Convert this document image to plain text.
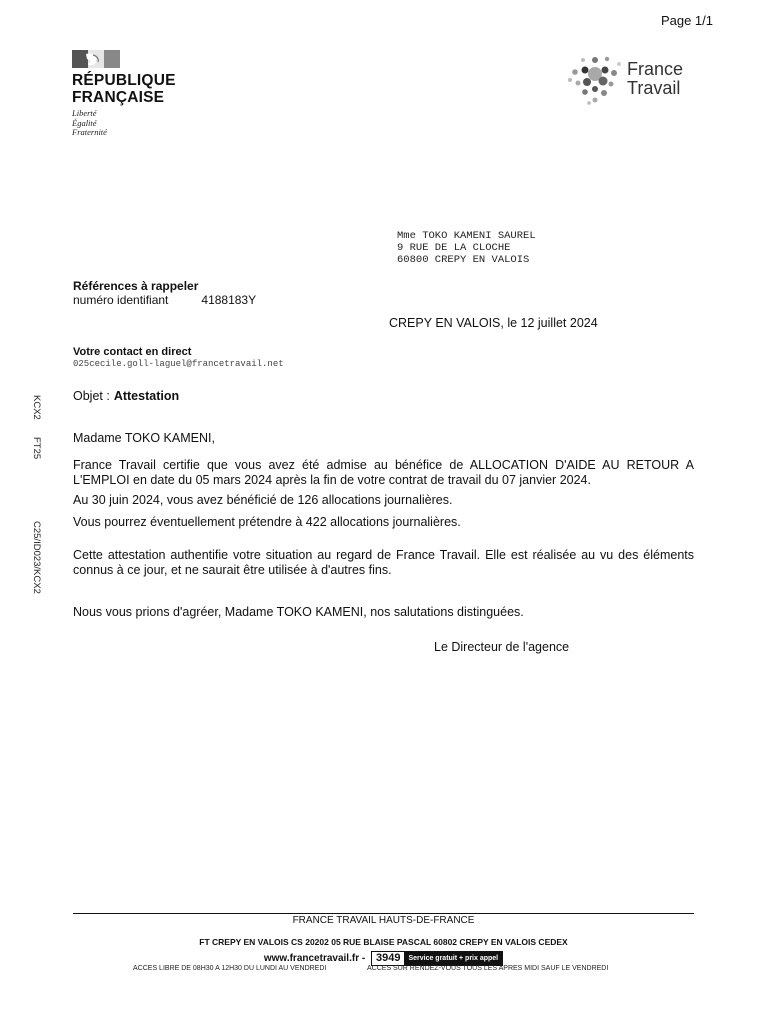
Page 1/1
RÉPUBLIQUE
FRANÇAISE
Liberté
Égalité
Fraternité
France
Travail
Mme TOKO KAMENI SAUREL
9 RUE DE LA CLOCHE
60800 CREPY EN VALOIS
Références à rappeler
numéro identifiant	4188183Y
CREPY EN VALOIS, le 12 juillet 2024
Votre contact en direct
025cecile.goll-laguel@francetravail.net
KCX2
FT25
C25/ID023/KCX2
Objet : Attestation
Madame TOKO KAMENI,
France Travail certifie que vous avez été admise au bénéfice de ALLOCATION D'AIDE AU RETOUR A L'EMPLOI en date du 05 mars 2024 après la fin de votre contrat de travail du 07 janvier 2024.
Au 30 juin 2024, vous avez bénéficié de 126 allocations journalières.
Vous pourrez éventuellement prétendre à 422 allocations journalières.
Cette attestation authentifie votre situation au regard de France Travail. Elle est réalisée au vu des éléments connus à ce jour, et ne saurait être utilisée à d'autres fins.
Nous vous prions d'agréer, Madame TOKO KAMENI, nos salutations distinguées.
Le Directeur de l'agence
FRANCE TRAVAIL HAUTS-DE-FRANCE
FT CREPY EN VALOIS CS 20202 05 RUE BLAISE PASCAL 60802 CREPY EN VALOIS CEDEX
www.francetravail.fr - 3949	Service gratuit + prix appel
ACCES LIBRE DE 08H30 A 12H30 DU LUNDI AU VENDREDI	ACCES SUR RENDEZ-VOUS TOUS LES APRES MIDI SAUF LE VENDREDI
